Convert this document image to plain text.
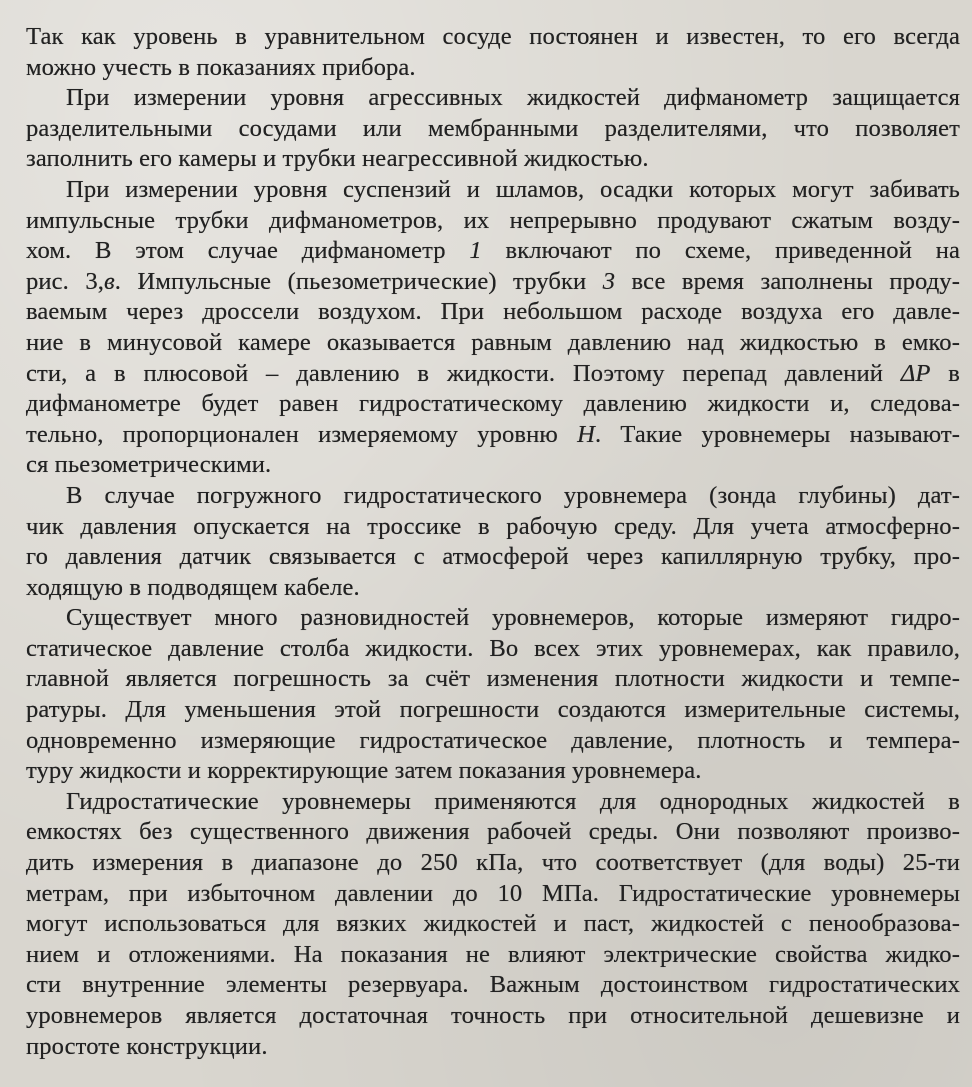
Так как уровень в уравнительном сосуде постоянен и известен, то его всегда
можно учесть в показаниях прибора.
При измерении уровня агрессивных жидкостей дифманометр защищается
разделительными сосудами или мембранными разделителями, что позволяет
заполнить его камеры и трубки неагрессивной жидкостью.
При измерении уровня суспензий и шламов, осадки которых могут забивать
импульсные трубки дифманометров, их непрерывно продувают сжатым возду-
хом. В этом случае дифманометр 1 включают по схеме, приведенной на
рис. 3,в. Импульсные (пьезометрические) трубки 3 все время заполнены проду-
ваемым через дроссели воздухом. При небольшом расходе воздуха его давле-
ние в минусовой камере оказывается равным давлению над жидкостью в емко-
сти, а в плюсовой – давлению в жидкости. Поэтому перепад давлений ΔP в
дифманометре будет равен гидростатическому давлению жидкости и, следова-
тельно, пропорционален измеряемому уровню H. Такие уровнемеры называют-
ся пьезометрическими.
В случае погружного гидростатического уровнемера (зонда глубины) дат-
чик давления опускается на тросcике в рабочую среду. Для учета атмосферно-
го давления датчик связывается с атмосферой через капиллярную трубку, про-
ходящую в подводящем кабеле.
Существует много разновидностей уровнемеров, которые измеряют гидро-
статическое давление столба жидкости. Во всех этих уровнемерах, как правило,
главной является погрешность за счёт изменения плотности жидкости и темпе-
ратуры. Для уменьшения этой погрешности создаются измерительные системы,
одновременно измеряющие гидростатическое давление, плотность и темпера-
туру жидкости и корректирующие затем показания уровнемера.
Гидростатические уровнемеры применяются для однородных жидкостей в
емкостях без существенного движения рабочей среды. Они позволяют произво-
дить измерения в диапазоне до 250 кПа, что соответствует (для воды) 25-ти
метрам, при избыточном давлении до 10 МПа. Гидростатические уровнемеры
могут использоваться для вязких жидкостей и паст, жидкостей с пенообразова-
нием и отложениями. На показания не влияют электрические свойства жидко-
сти внутренние элементы резервуара. Важным достоинством гидростатических
уровнемеров является достаточная точность при относительной дешевизне и
простоте конструкции.
